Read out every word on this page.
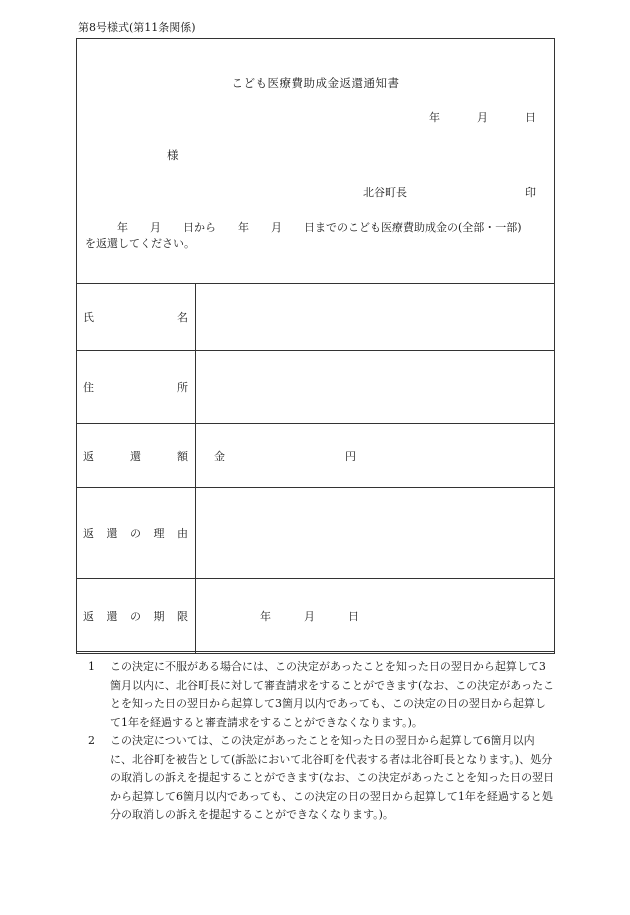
第8号様式(第11条関係)
こども医療費助成金返還通知書
年	月	日
様
北谷町長	印
年　　月　　日から　　年　　月　　日までのこども医療費助成金の(全部・一部)
を返還してください。
氏 名	

住 所	

返 還 額	金 円

返 還 の 理 由	

返 還 の 期 限	年　　　月　　　日
1	この決定に不服がある場合には、この決定があったことを知った日の翌日から起算して3箇月以内に、北谷町長に対して審査請求をすることができます(なお、この決定があったことを知った日の翌日から起算して3箇月以内であっても、この決定の日の翌日から起算して1年を経過すると審査請求をすることができなくなります。)。
2	この決定については、この決定があったことを知った日の翌日から起算して6箇月以内に、北谷町を被告として(訴訟において北谷町を代表する者は北谷町長となります。)、処分の取消しの訴えを提起することができます(なお、この決定があったことを知った日の翌日から起算して6箇月以内であっても、この決定の日の翌日から起算して1年を経過すると処分の取消しの訴えを提起することができなくなります。)。
